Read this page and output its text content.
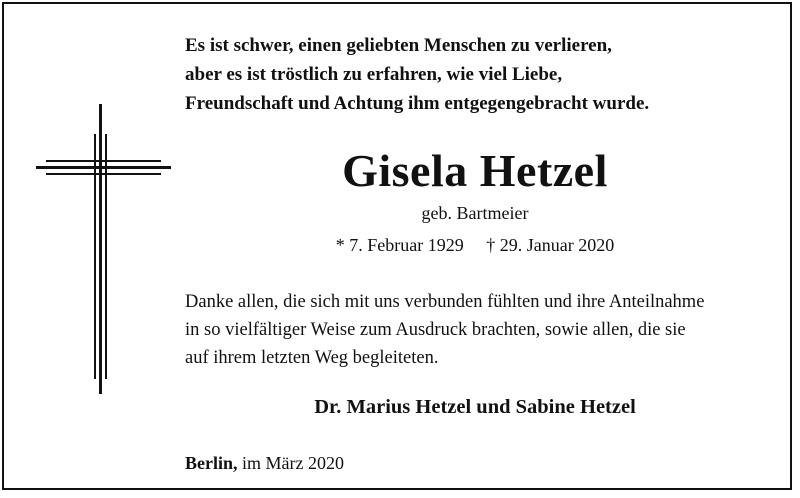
Es ist schwer, einen geliebten Menschen zu verlieren,
aber es ist tröstlich zu erfahren, wie viel Liebe,
Freundschaft und Achtung ihm entgegengebracht wurde.
Gisela Hetzel
geb. Bartmeier
* 7. Februar 1929 † 29. Januar 2020
Danke allen, die sich mit uns verbunden fühlten und ihre Anteilnahme
in so vielfältiger Weise zum Ausdruck brachten, sowie allen, die sie
auf ihrem letzten Weg begleiteten.
Dr. Marius Hetzel und Sabine Hetzel
Berlin, im März 2020
